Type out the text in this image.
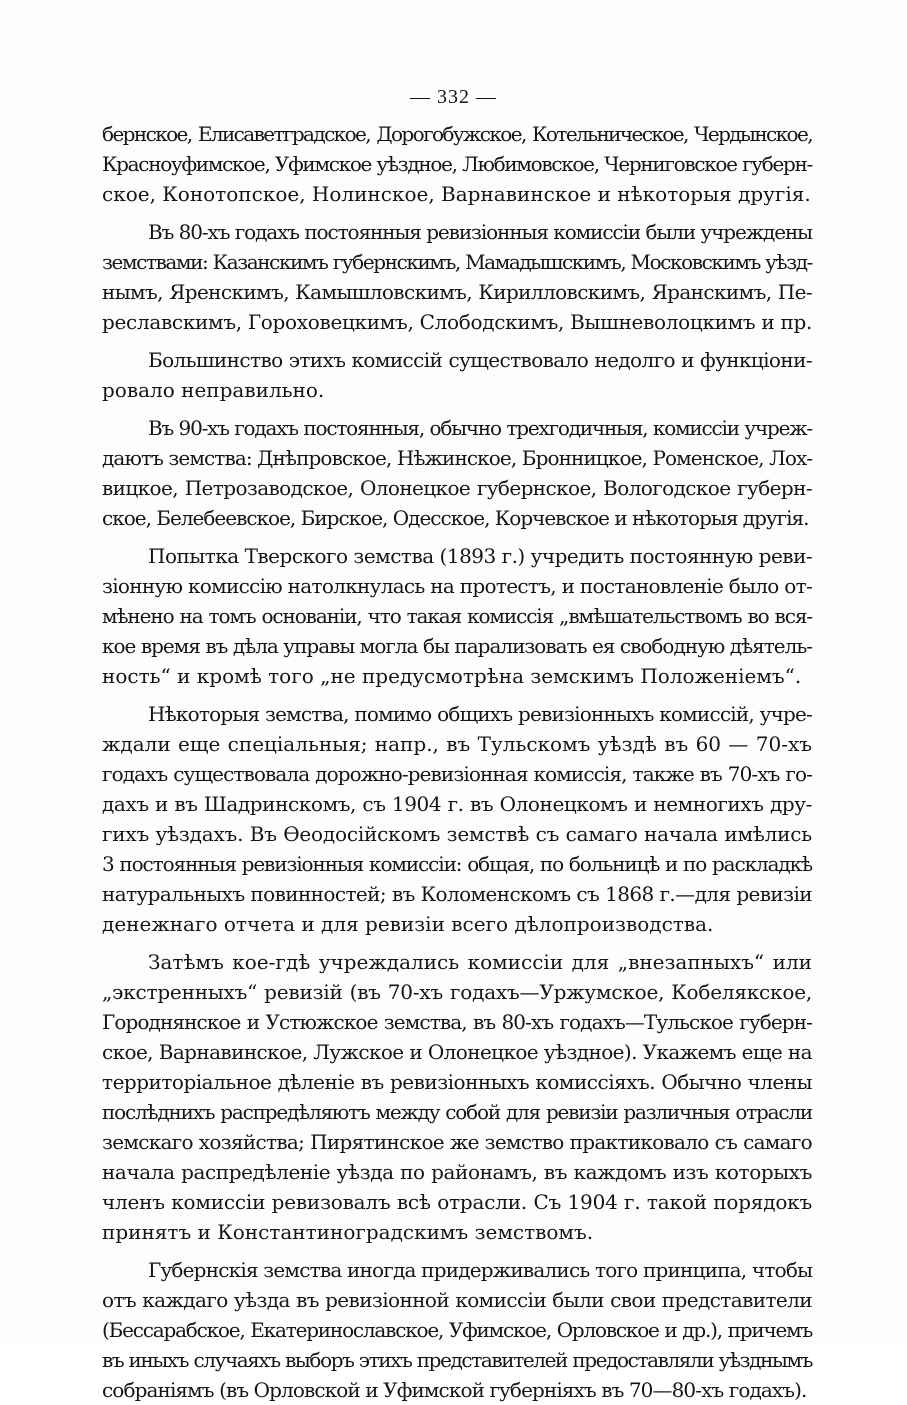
— 332 —
бернское, Елисаветградское, Дорогобужское, Котельническое, Чердынское,
Красноуфимское, Уфимское уѣздное, Любимовское, Черниговское губерн-
ское, Конотопское, Нолинское, Варнавинское и нѣкоторыя другія.
Въ 80-хъ годахъ постоянныя ревизіонныя комиссіи были учреждены
земствами: Казанскимъ губернскимъ, Мамадышскимъ, Московскимъ уѣзд-
нымъ, Яренскимъ, Камышловскимъ, Кирилловскимъ, Яранскимъ, Пе-
реславскимъ, Гороховецкимъ, Слободскимъ, Вышневолоцкимъ и пр.
Большинство этихъ комиссій существовало недолго и функціони-
ровало неправильно.
Въ 90-хъ годахъ постоянныя, обычно трехгодичныя, комиссіи учреж-
даютъ земства: Днѣпровское, Нѣжинское, Бронницкое, Роменское, Лох-
вицкое, Петрозаводское, Олонецкое губернское, Вологодское губерн-
ское, Белебеевское, Бирское, Одесское, Корчевское и нѣкоторыя другія.
Попытка Тверского земства (1893 г.) учредить постоянную реви-
зіонную комиссію натолкнулась на протестъ, и постановленіе было от-
мѣнено на томъ основаніи, что такая комиссія „вмѣшательствомъ во вся-
кое время въ дѣла управы могла бы парализовать ея свободную дѣятель-
ность“ и кромѣ того „не предусмотрѣна земскимъ Положеніемъ“.
Нѣкоторыя земства, помимо общихъ ревизіонныхъ комиссій, учре-
ждали еще спеціальныя; напр., въ Тульскомъ уѣздѣ въ 60 — 70-хъ
годахъ существовала дорожно-ревизіонная комиссія, также въ 70-хъ го-
дахъ и въ Шадринскомъ, съ 1904 г. въ Олонецкомъ и немногихъ дру-
гихъ уѣздахъ. Въ Ѳеодосійскомъ земствѣ съ самаго начала имѣлись
3 постоянныя ревизіонныя комиссіи: общая, по больницѣ и по раскладкѣ
натуральныхъ повинностей; въ Коломенскомъ съ 1868 г.—для ревизіи
денежнаго отчета и для ревизіи всего дѣлопроизводства.
Затѣмъ кое-гдѣ учреждались комиссіи для „внезапныхъ“ или
„экстренныхъ“ ревизій (въ 70-хъ годахъ—Уржумское, Кобелякское,
Городнянское и Устюжское земства, въ 80-хъ годахъ—Тульское губерн-
ское, Варнавинское, Лужское и Олонецкое уѣздное). Укажемъ еще на
территоріальное дѣленіе въ ревизіонныхъ комиссіяхъ. Обычно члены
послѣднихъ распредѣляютъ между собой для ревизіи различныя отрасли
земскаго хозяйства; Пирятинское же земство практиковало съ самаго
начала распредѣленіе уѣзда по районамъ, въ каждомъ изъ которыхъ
членъ комиссіи ревизовалъ всѣ отрасли. Съ 1904 г. такой порядокъ
принятъ и Константиноградскимъ земствомъ.
Губернскія земства иногда придерживались того принципа, чтобы
отъ каждаго уѣзда въ ревизіонной комиссіи были свои представители
(Бессарабское, Екатеринославское, Уфимское, Орловское и др.), причемъ
въ иныхъ случаяхъ выборъ этихъ представителей предоставляли уѣзднымъ
собраніямъ (въ Орловской и Уфимской губерніяхъ въ 70—80-хъ годахъ).
